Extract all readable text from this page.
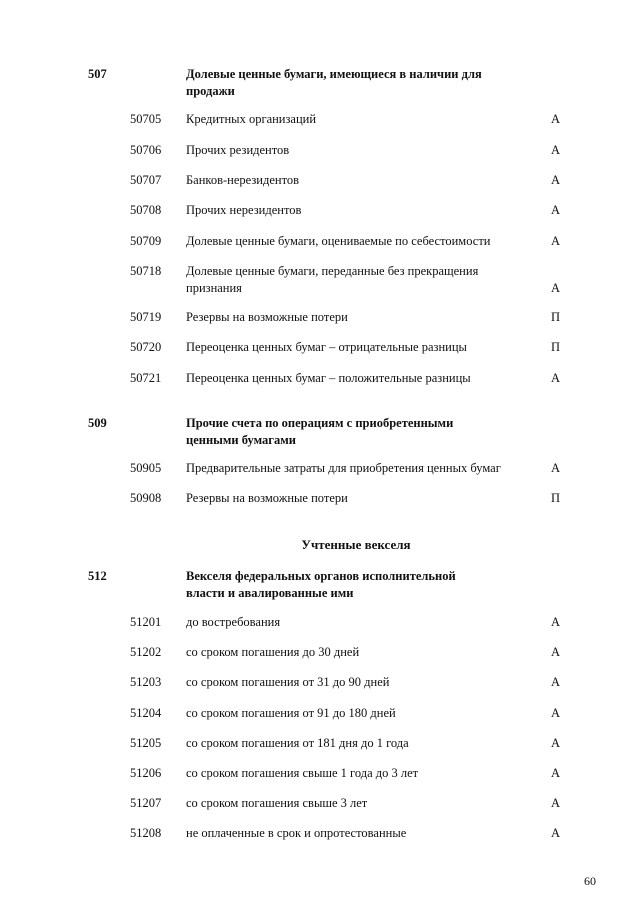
507	Долевые ценные бумаги, имеющиеся в наличии для продажи
50705 Кредитных организаций	А
50706 Прочих резидентов	А
50707 Банков-нерезидентов	А
50708 Прочих нерезидентов	А
50709 Долевые ценные бумаги, оцениваемые по себестоимости	А
50718 Долевые ценные бумаги, переданные без прекращения признания	А
50719 Резервы на возможные потери	П
50720 Переоценка ценных бумаг – отрицательные разницы	П
50721 Переоценка ценных бумаг – положительные разницы	А
509	Прочие счета по операциям с приобретенными ценными бумагами
50905 Предварительные затраты для приобретения ценных бумаг	А
50908 Резервы на возможные потери	П
Учтенные векселя
512	Векселя федеральных органов исполнительной власти и авалированные ими
51201 до востребования	А
51202 со сроком погашения до 30 дней	А
51203 со сроком погашения от 31 до 90 дней	А
51204 со сроком погашения от 91 до 180 дней	А
51205 со сроком погашения от 181 дня до 1 года	А
51206 со сроком погашения свыше 1 года до 3 лет	А
51207 со сроком погашения свыше 3 лет	А
51208 не оплаченные в срок и опротестованные	А
60
